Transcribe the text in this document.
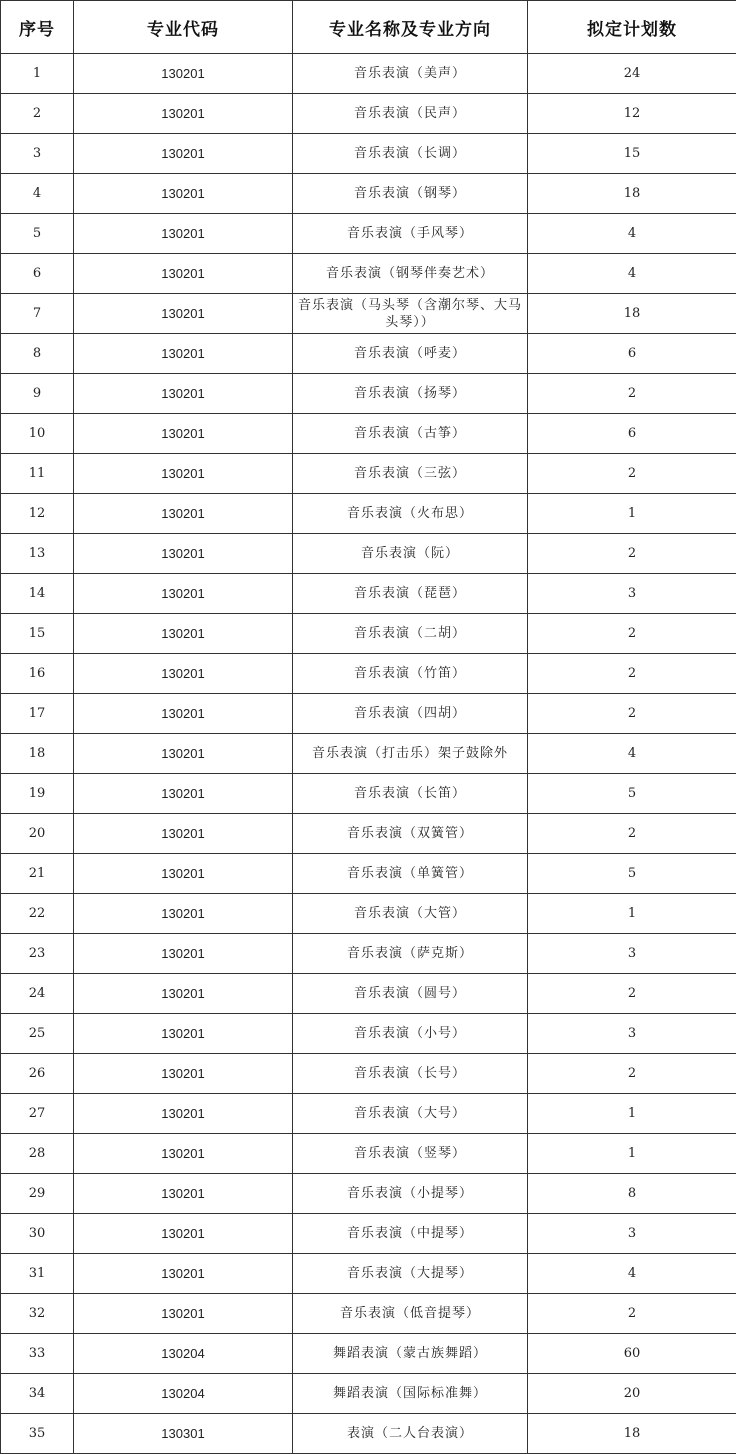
序号	专业代码	专业名称及专业方向	拟定计划数
1	130201	音乐表演（美声）	24
2	130201	音乐表演（民声）	12
3	130201	音乐表演（长调）	15
4	130201	音乐表演（钢琴）	18
5	130201	音乐表演（手风琴）	4
6	130201	音乐表演（钢琴伴奏艺术）	4
7	130201	音乐表演（马头琴（含潮尔琴、大马头琴））	18
8	130201	音乐表演（呼麦）	6
9	130201	音乐表演（扬琴）	2
10	130201	音乐表演（古筝）	6
11	130201	音乐表演（三弦）	2
12	130201	音乐表演（火布思）	1
13	130201	音乐表演（阮）	2
14	130201	音乐表演（琵琶）	3
15	130201	音乐表演（二胡）	2
16	130201	音乐表演（竹笛）	2
17	130201	音乐表演（四胡）	2
18	130201	音乐表演（打击乐）架子鼓除外	4
19	130201	音乐表演（长笛）	5
20	130201	音乐表演（双簧管）	2
21	130201	音乐表演（单簧管）	5
22	130201	音乐表演（大管）	1
23	130201	音乐表演（萨克斯）	3
24	130201	音乐表演（圆号）	2
25	130201	音乐表演（小号）	3
26	130201	音乐表演（长号）	2
27	130201	音乐表演（大号）	1
28	130201	音乐表演（竖琴）	1
29	130201	音乐表演（小提琴）	8
30	130201	音乐表演（中提琴）	3
31	130201	音乐表演（大提琴）	4
32	130201	音乐表演（低音提琴）	2
33	130204	舞蹈表演（蒙古族舞蹈）	60
34	130204	舞蹈表演（国际标准舞）	20
35	130301	表演（二人台表演）	18
